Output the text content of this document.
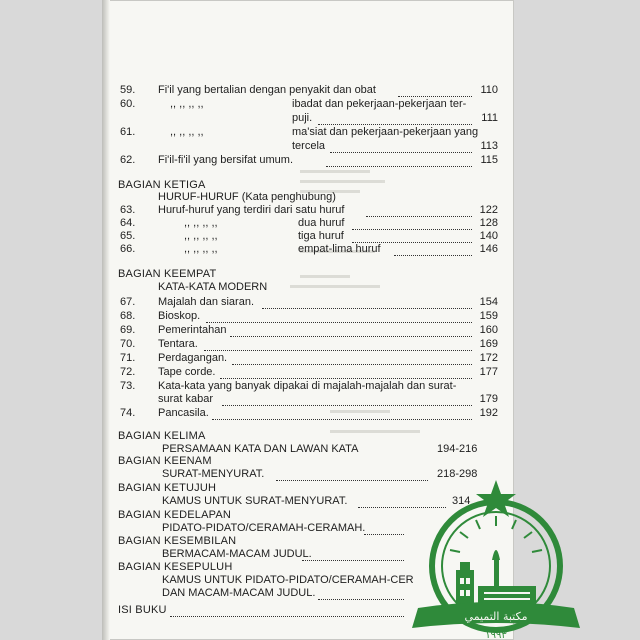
59. Fi'il yang bertalian dengan penyakit dan obat	110
60.	,, ,, ,, ,,	ibadat dan pekerjaan-pekerjaan ter-
puji.	111
61.	,, ,, ,, ,,	ma'siat dan pekerjaan-pekerjaan yang
tercela	113
62. Fi'il-fi'il yang bersifat umum.	115
BAGIAN KETIGA
HURUF-HURUF (Kata penghubung)
63. Huruf-huruf yang terdiri dari satu huruf	122
64.	,, ,, ,, ,,	dua huruf	128
65.	,, ,, ,, ,,	tiga huruf	140
66.	,, ,, ,, ,,	empat-lima huruf	146
BAGIAN KEEMPAT
KATA-KATA MODERN
67. Majalah dan siaran.	154
68. Bioskop.	159
69. Pemerintahan	160
70. Tentara.	169
71. Perdagangan.	172
72. Tape corde.	177
73. Kata-kata yang banyak dipakai di majalah-majalah dan surat-
surat kabar	179
74. Pancasila.	192
BAGIAN KELIMA
PERSAMAAN KATA DAN LAWAN KATA	194-216
BAGIAN KEENAM
SURAT-MENYURAT.	218-298
BAGIAN KETUJUH
KAMUS UNTUK SURAT-MENYURAT.	314
BAGIAN KEDELAPAN
PIDATO-PIDATO/CERAMAH-CERAMAH.
BAGIAN KESEMBILAN
BERMACAM-MACAM JUDUL.
BAGIAN KESEPULUH
KAMUS UNTUK PIDATO-PIDATO/CERAMAH-CER
DAN MACAM-MACAM JUDUL.
ISI BUKU	مكتبة التميمي
١٩٩٣
